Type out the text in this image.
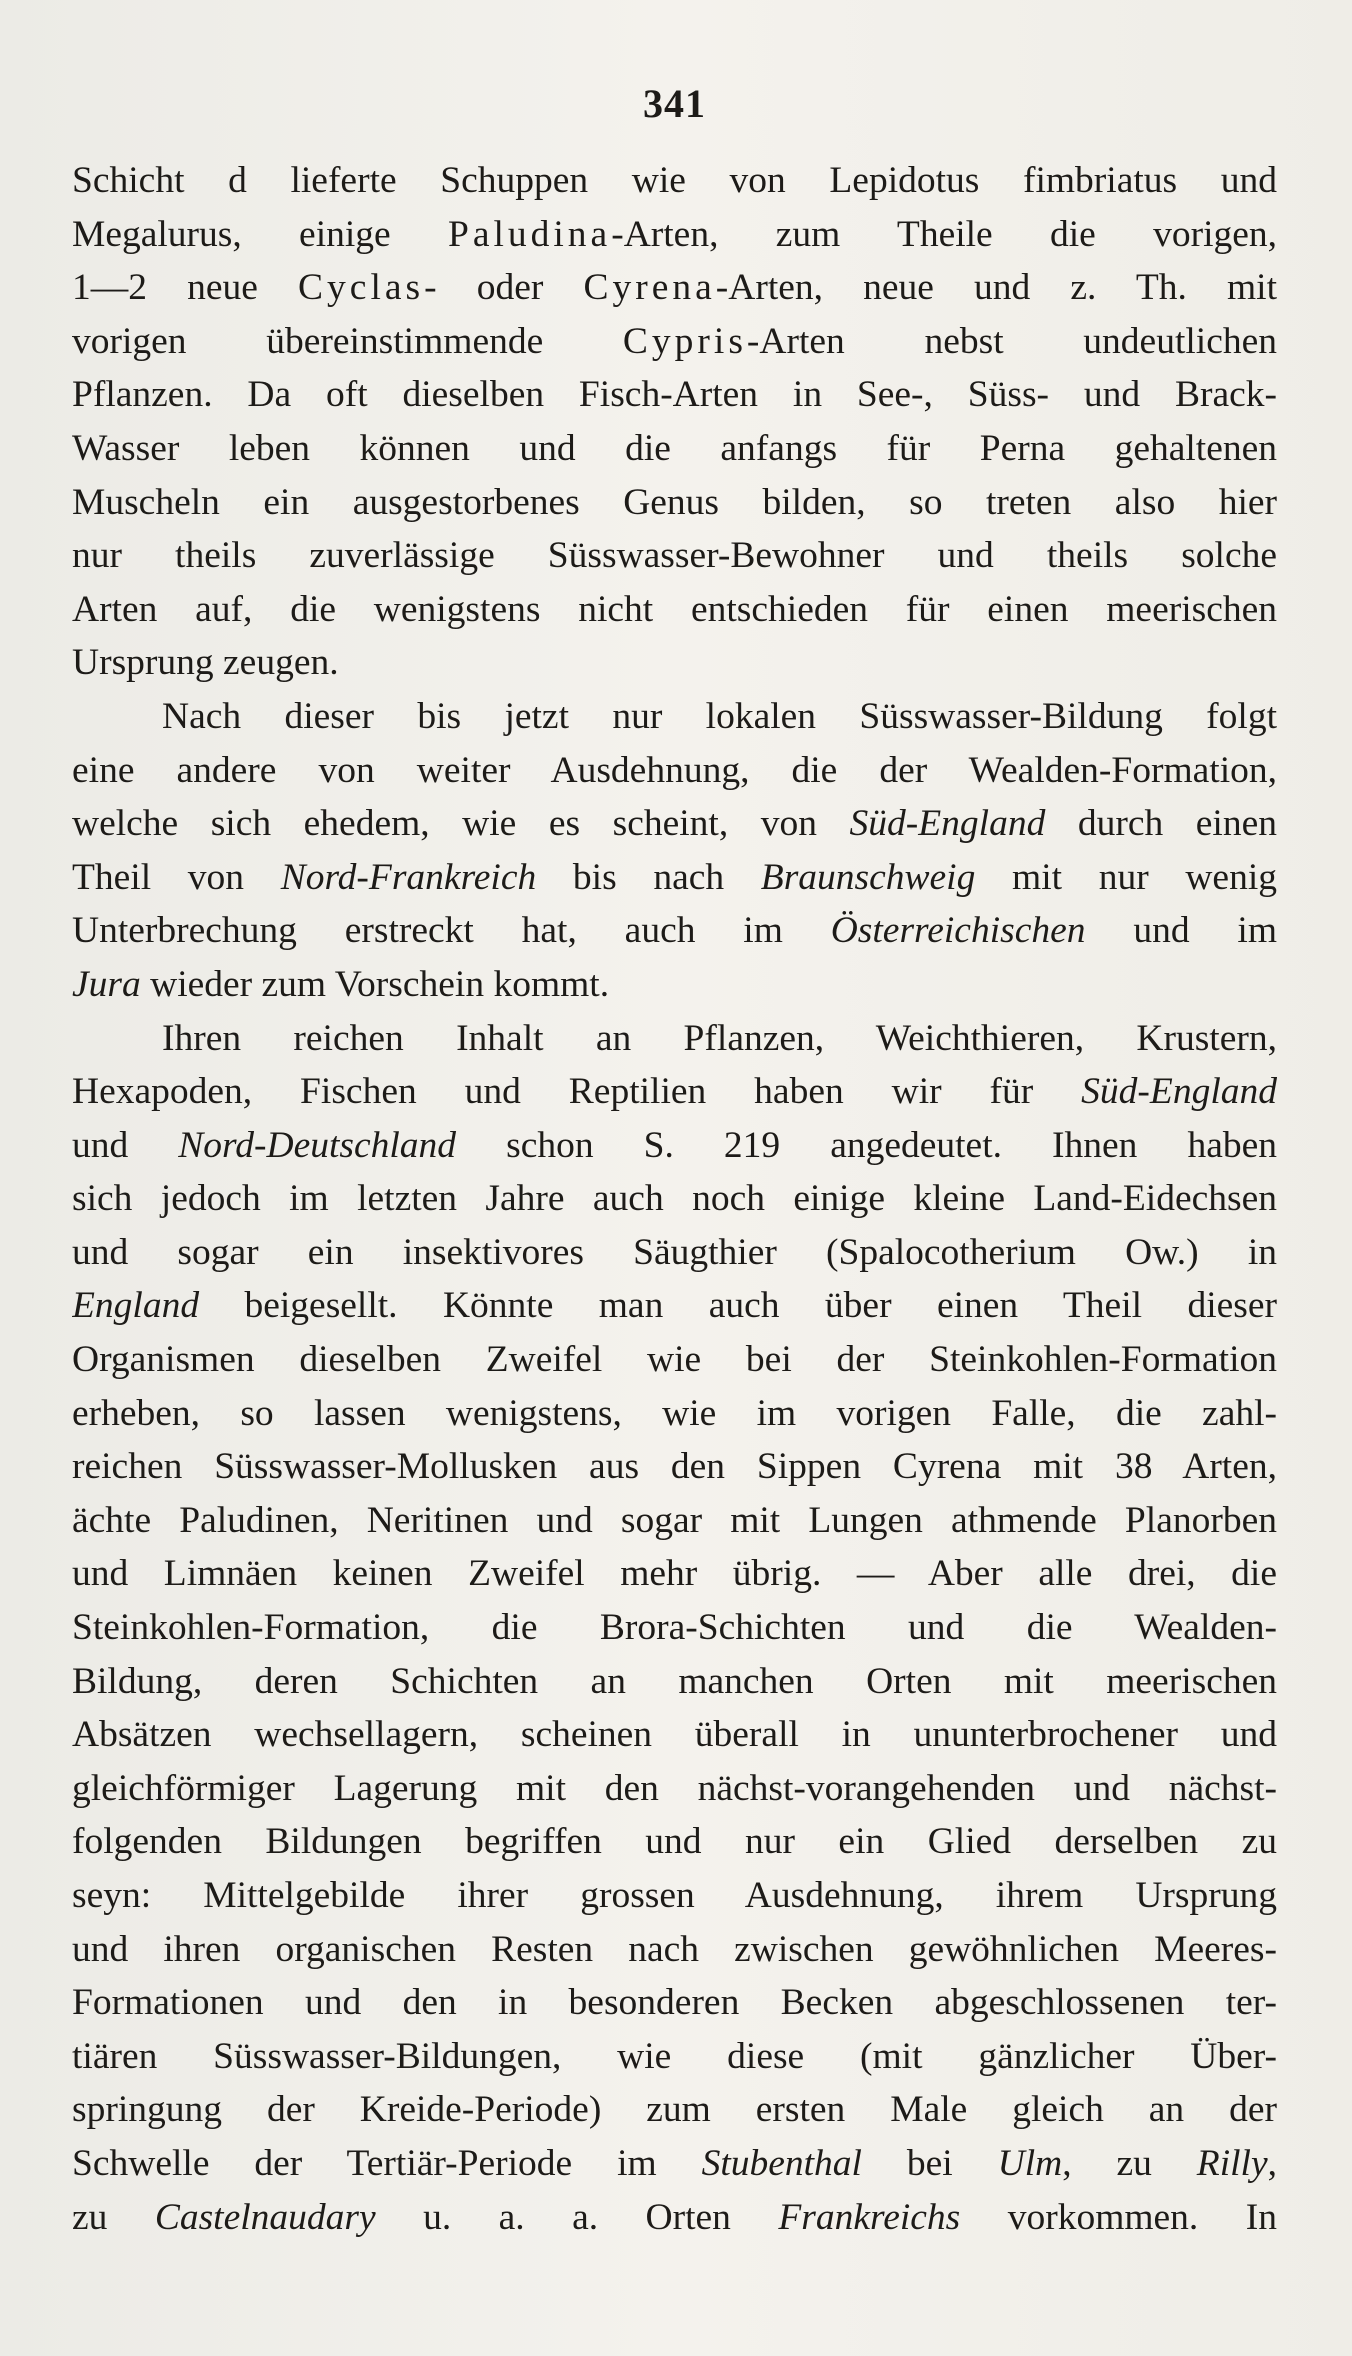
341
Schicht d lieferte Schuppen wie von Lepidotus fimbriatus und
Megalurus, einige Paludina-Arten, zum Theile die vorigen,
1—2 neue Cyclas- oder Cyrena-Arten, neue und z. Th. mit
vorigen übereinstimmende Cypris-Arten nebst undeutlichen
Pflanzen. Da oft dieselben Fisch-Arten in See-, Süss- und Brack-
Wasser leben können und die anfangs für Perna gehaltenen
Muscheln ein ausgestorbenes Genus bilden, so treten also hier
nur theils zuverlässige Süsswasser-Bewohner und theils solche
Arten auf, die wenigstens nicht entschieden für einen meerischen
Ursprung zeugen.
Nach dieser bis jetzt nur lokalen Süsswasser-Bildung folgt
eine andere von weiter Ausdehnung, die der Wealden-Formation,
welche sich ehedem, wie es scheint, von Süd-England durch einen
Theil von Nord-Frankreich bis nach Braunschweig mit nur wenig
Unterbrechung erstreckt hat, auch im Österreichischen und im
Jura wieder zum Vorschein kommt.
Ihren reichen Inhalt an Pflanzen, Weichthieren, Krustern,
Hexapoden, Fischen und Reptilien haben wir für Süd-England
und Nord-Deutschland schon S. 219 angedeutet. Ihnen haben
sich jedoch im letzten Jahre auch noch einige kleine Land-Eidechsen
und sogar ein insektivores Säugthier (Spalocotherium Ow.) in
England beigesellt. Könnte man auch über einen Theil dieser
Organismen dieselben Zweifel wie bei der Steinkohlen-Formation
erheben, so lassen wenigstens, wie im vorigen Falle, die zahl-
reichen Süsswasser-Mollusken aus den Sippen Cyrena mit 38 Arten,
ächte Paludinen, Neritinen und sogar mit Lungen athmende Planorben
und Limnäen keinen Zweifel mehr übrig. — Aber alle drei, die
Steinkohlen-Formation, die Brora-Schichten und die Wealden-
Bildung, deren Schichten an manchen Orten mit meerischen
Absätzen wechsellagern, scheinen überall in ununterbrochener und
gleichförmiger Lagerung mit den nächst-vorangehenden und nächst-
folgenden Bildungen begriffen und nur ein Glied derselben zu
seyn: Mittelgebilde ihrer grossen Ausdehnung, ihrem Ursprung
und ihren organischen Resten nach zwischen gewöhnlichen Meeres-
Formationen und den in besonderen Becken abgeschlossenen ter-
tiären Süsswasser-Bildungen, wie diese (mit gänzlicher Über-
springung der Kreide-Periode) zum ersten Male gleich an der
Schwelle der Tertiär-Periode im Stubenthal bei Ulm, zu Rilly,
zu Castelnaudary u. a. a. Orten Frankreichs vorkommen. In
